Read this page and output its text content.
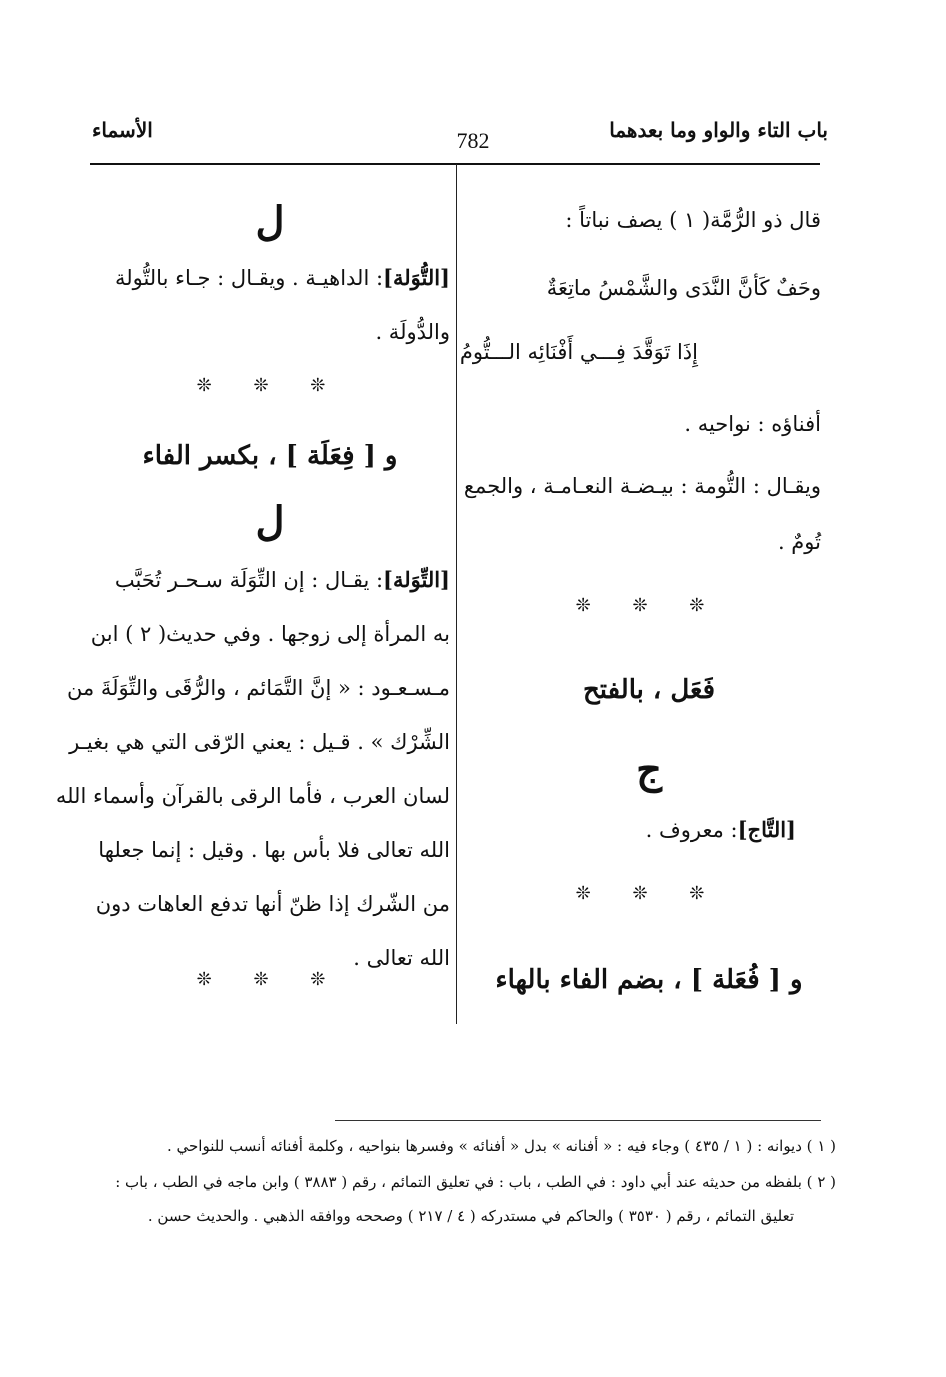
باب التاء والواو وما بعدهما
782
الأسماء
قال ذو الرُّمَّة( ١ ) يصف نباتاً :
وحَفٌ كَأنَّ النَّدَى والشَّمْسُ ماتِعَةٌ
إِذَا تَوَقَّدَ فِـــي أَفْنَائِه الـــتُّومُ
أفناؤه : نواحيه .
ويقـال : التُّومة : بيـضـة النعـامـة ، والجمع
تُومٌ .
❊ ❊ ❊
فَعَل ، بالفتح
ج
[التَّاج]: معروف .
❊ ❊ ❊
و [ فُعَلة ] ، بضم الفاء بالهاء
ل
[التُّوَلة]: الداهيـة . ويقـال : جـاء بالتُّولة
والدُّولَة .
❊ ❊ ❊
و [ فِعَلَة ] ، بكسر الفاء
ل
[التِّوَلة]: يقـال : إن التِّوَلَة سـحـر تُحَبَّب
به المرأة إلى زوجها . وفي حديث( ٢ ) ابن
مـسـعـود : « إنَّ التَّمَائم ، والرُّقَى والتِّوَلَةَ من
الشِّرْك » . قـيل : يعني الرّقى التي هي بغيـر
لسان العرب ، فأما الرقى بالقرآن وأسماء الله
الله تعالى فلا بأس بها . وقيل : إنما جعلها
من الشّرك إذا ظنّ أنها تدفع العاهات دون
الله تعالى .
❊ ❊ ❊
( ١ ) ديوانه : ( ١ / ٤٣٥ ) وجاء فيه : « أفنانه » بدل « أفنائه » وفسرها بنواحيه ، وكلمة أفنائه أنسب للنواحي .
( ٢ ) بلفظه من حديثه عند أبي داود : في الطب ، باب : في تعليق التمائم ، رقم ( ٣٨٨٣ ) وابن ماجه في الطب ، باب :
تعليق التمائم ، رقم ( ٣٥٣٠ ) والحاكم في مستدركه ( ٤ / ٢١٧ ) وصححه ووافقه الذهبي . والحديث حسن .
